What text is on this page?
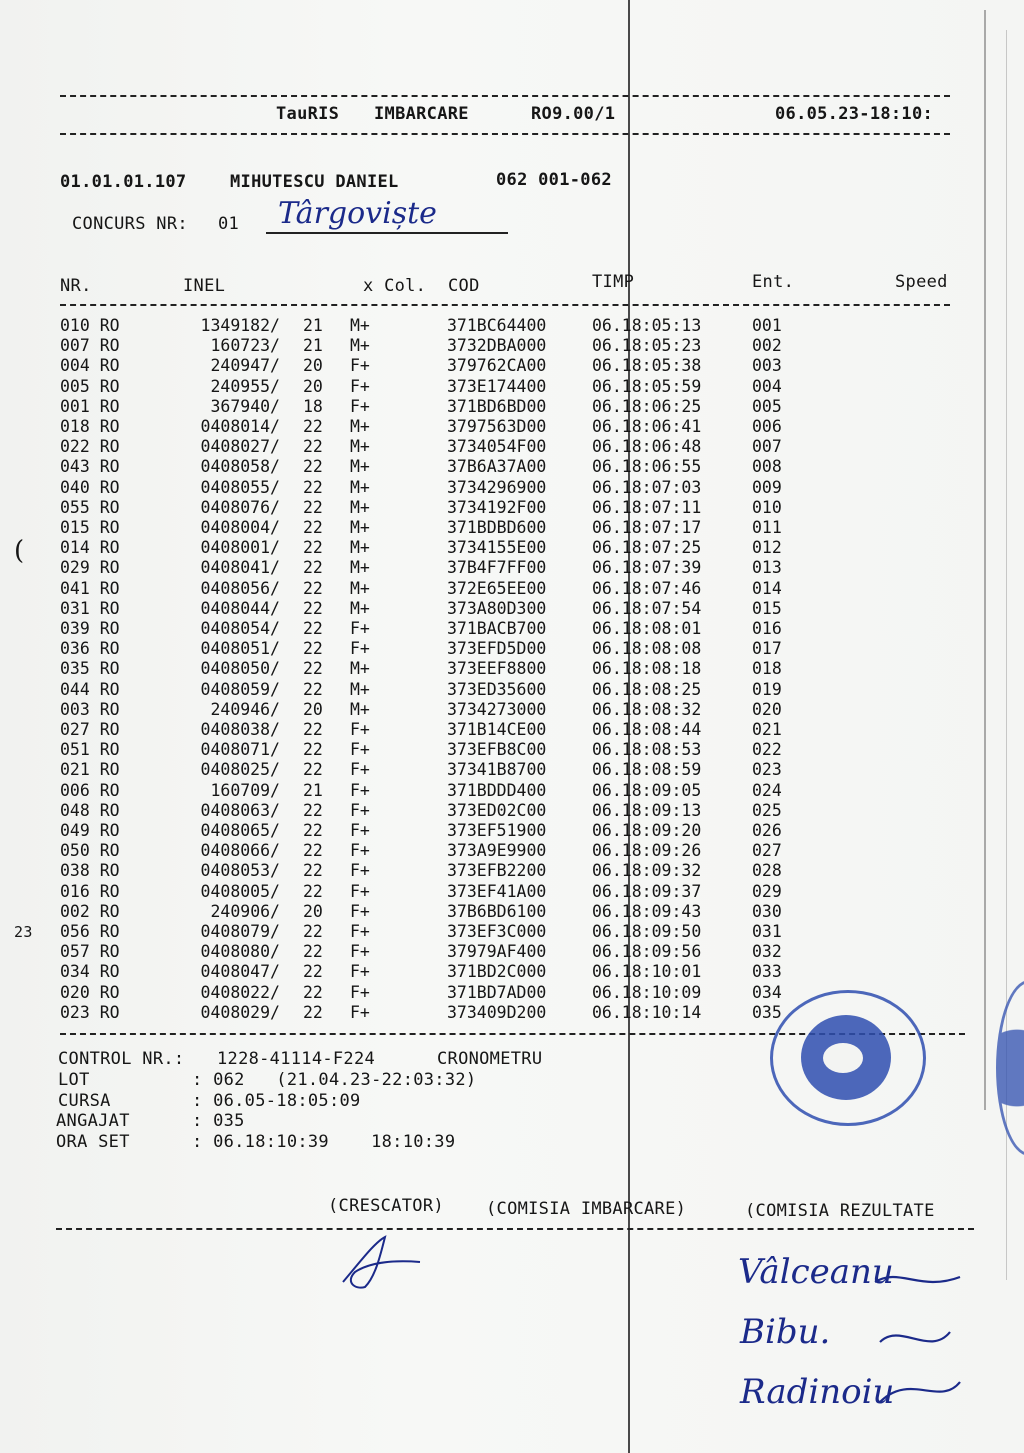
TauRIS IMBARCARE	RO9.00/1	06.05.23-18:10:
01.01.01.107	MIHUTESCU DANIEL	062 001-062
CONCURS NR: 01 Târgoviște
NR.	INEL	x Col. COD	TIMP	Ent.	Speed
010 RO	1349182/ 21 M+	371BC64400	06.18:05:13	001
007 RO	160723/ 21 M+	3732DBA000	06.18:05:23	002
004 RO	240947/ 20 F+	379762CA00	06.18:05:38	003
005 RO	240955/ 20 F+	373E174400	06.18:05:59	004
001 RO	367940/ 18 F+	371BD6BD00	06.18:06:25	005
018 RO	0408014/ 22 M+	3797563D00	06.18:06:41	006
022 RO	0408027/ 22 M+	3734054F00	06.18:06:48	007
043 RO	0408058/ 22 M+	37B6A37A00	06.18:06:55	008
040 RO	0408055/ 22 M+	3734296900	06.18:07:03	009
055 RO	0408076/ 22 M+	3734192F00	06.18:07:11	010
015 RO	0408004/ 22 M+	371BDBD600	06.18:07:17	011
014 RO	0408001/ 22 M+	3734155E00	06.18:07:25	012
029 RO	0408041/ 22 M+	37B4F7FF00	06.18:07:39	013
041 RO	0408056/ 22 M+	372E65EE00	06.18:07:46	014
031 RO	0408044/ 22 M+	373A80D300	06.18:07:54	015
039 RO	0408054/ 22 F+	371BACB700	06.18:08:01	016
036 RO	0408051/ 22 F+	373EFD5D00	06.18:08:08	017
035 RO	0408050/ 22 M+	373EEF8800	06.18:08:18	018
044 RO	0408059/ 22 M+	373ED35600	06.18:08:25	019
003 RO	240946/ 20 M+	3734273000	06.18:08:32	020
027 RO	0408038/ 22 F+	371B14CE00	06.18:08:44	021
051 RO	0408071/ 22 F+	373EFB8C00	06.18:08:53	022
021 RO	0408025/ 22 F+	37341B8700	06.18:08:59	023
006 RO	160709/ 21 F+	371BDDD400	06.18:09:05	024
048 RO	0408063/ 22 F+	373ED02C00	06.18:09:13	025
049 RO	0408065/ 22 F+	373EF51900	06.18:09:20	026
050 RO	0408066/ 22 F+	373A9E9900	06.18:09:26	027
038 RO	0408053/ 22 F+	373EFB2200	06.18:09:32	028
016 RO	0408005/ 22 F+	373EF41A00	06.18:09:37	029
002 RO	240906/ 20 F+	37B6BD6100	06.18:09:43	030
056 RO	0408079/ 22 F+	373EF3C000	06.18:09:50	031
057 RO	0408080/ 22 F+	37979AF400	06.18:09:56	032
034 RO	0408047/ 22 F+	371BD2C000	06.18:10:01	033
020 RO	0408022/ 22 F+	371BD7AD00	06.18:10:09	034
023 RO	0408029/ 22 F+	373409D200	06.18:10:14	035
CONTROL NR.: 1228-41114-F224	CRONOMETRU
LOT	: 062   (21.04.23-22:03:32)
CURSA	: 06.05-18:05:09
ANGAJAT	: 035
ORA SET	: 06.18:10:39    18:10:39
(CRESCATOR) (COMISIA IMBARCARE)	(COMISIA REZULTATE
Vâlceanu
Bibu.
Radinoiu
(
23
